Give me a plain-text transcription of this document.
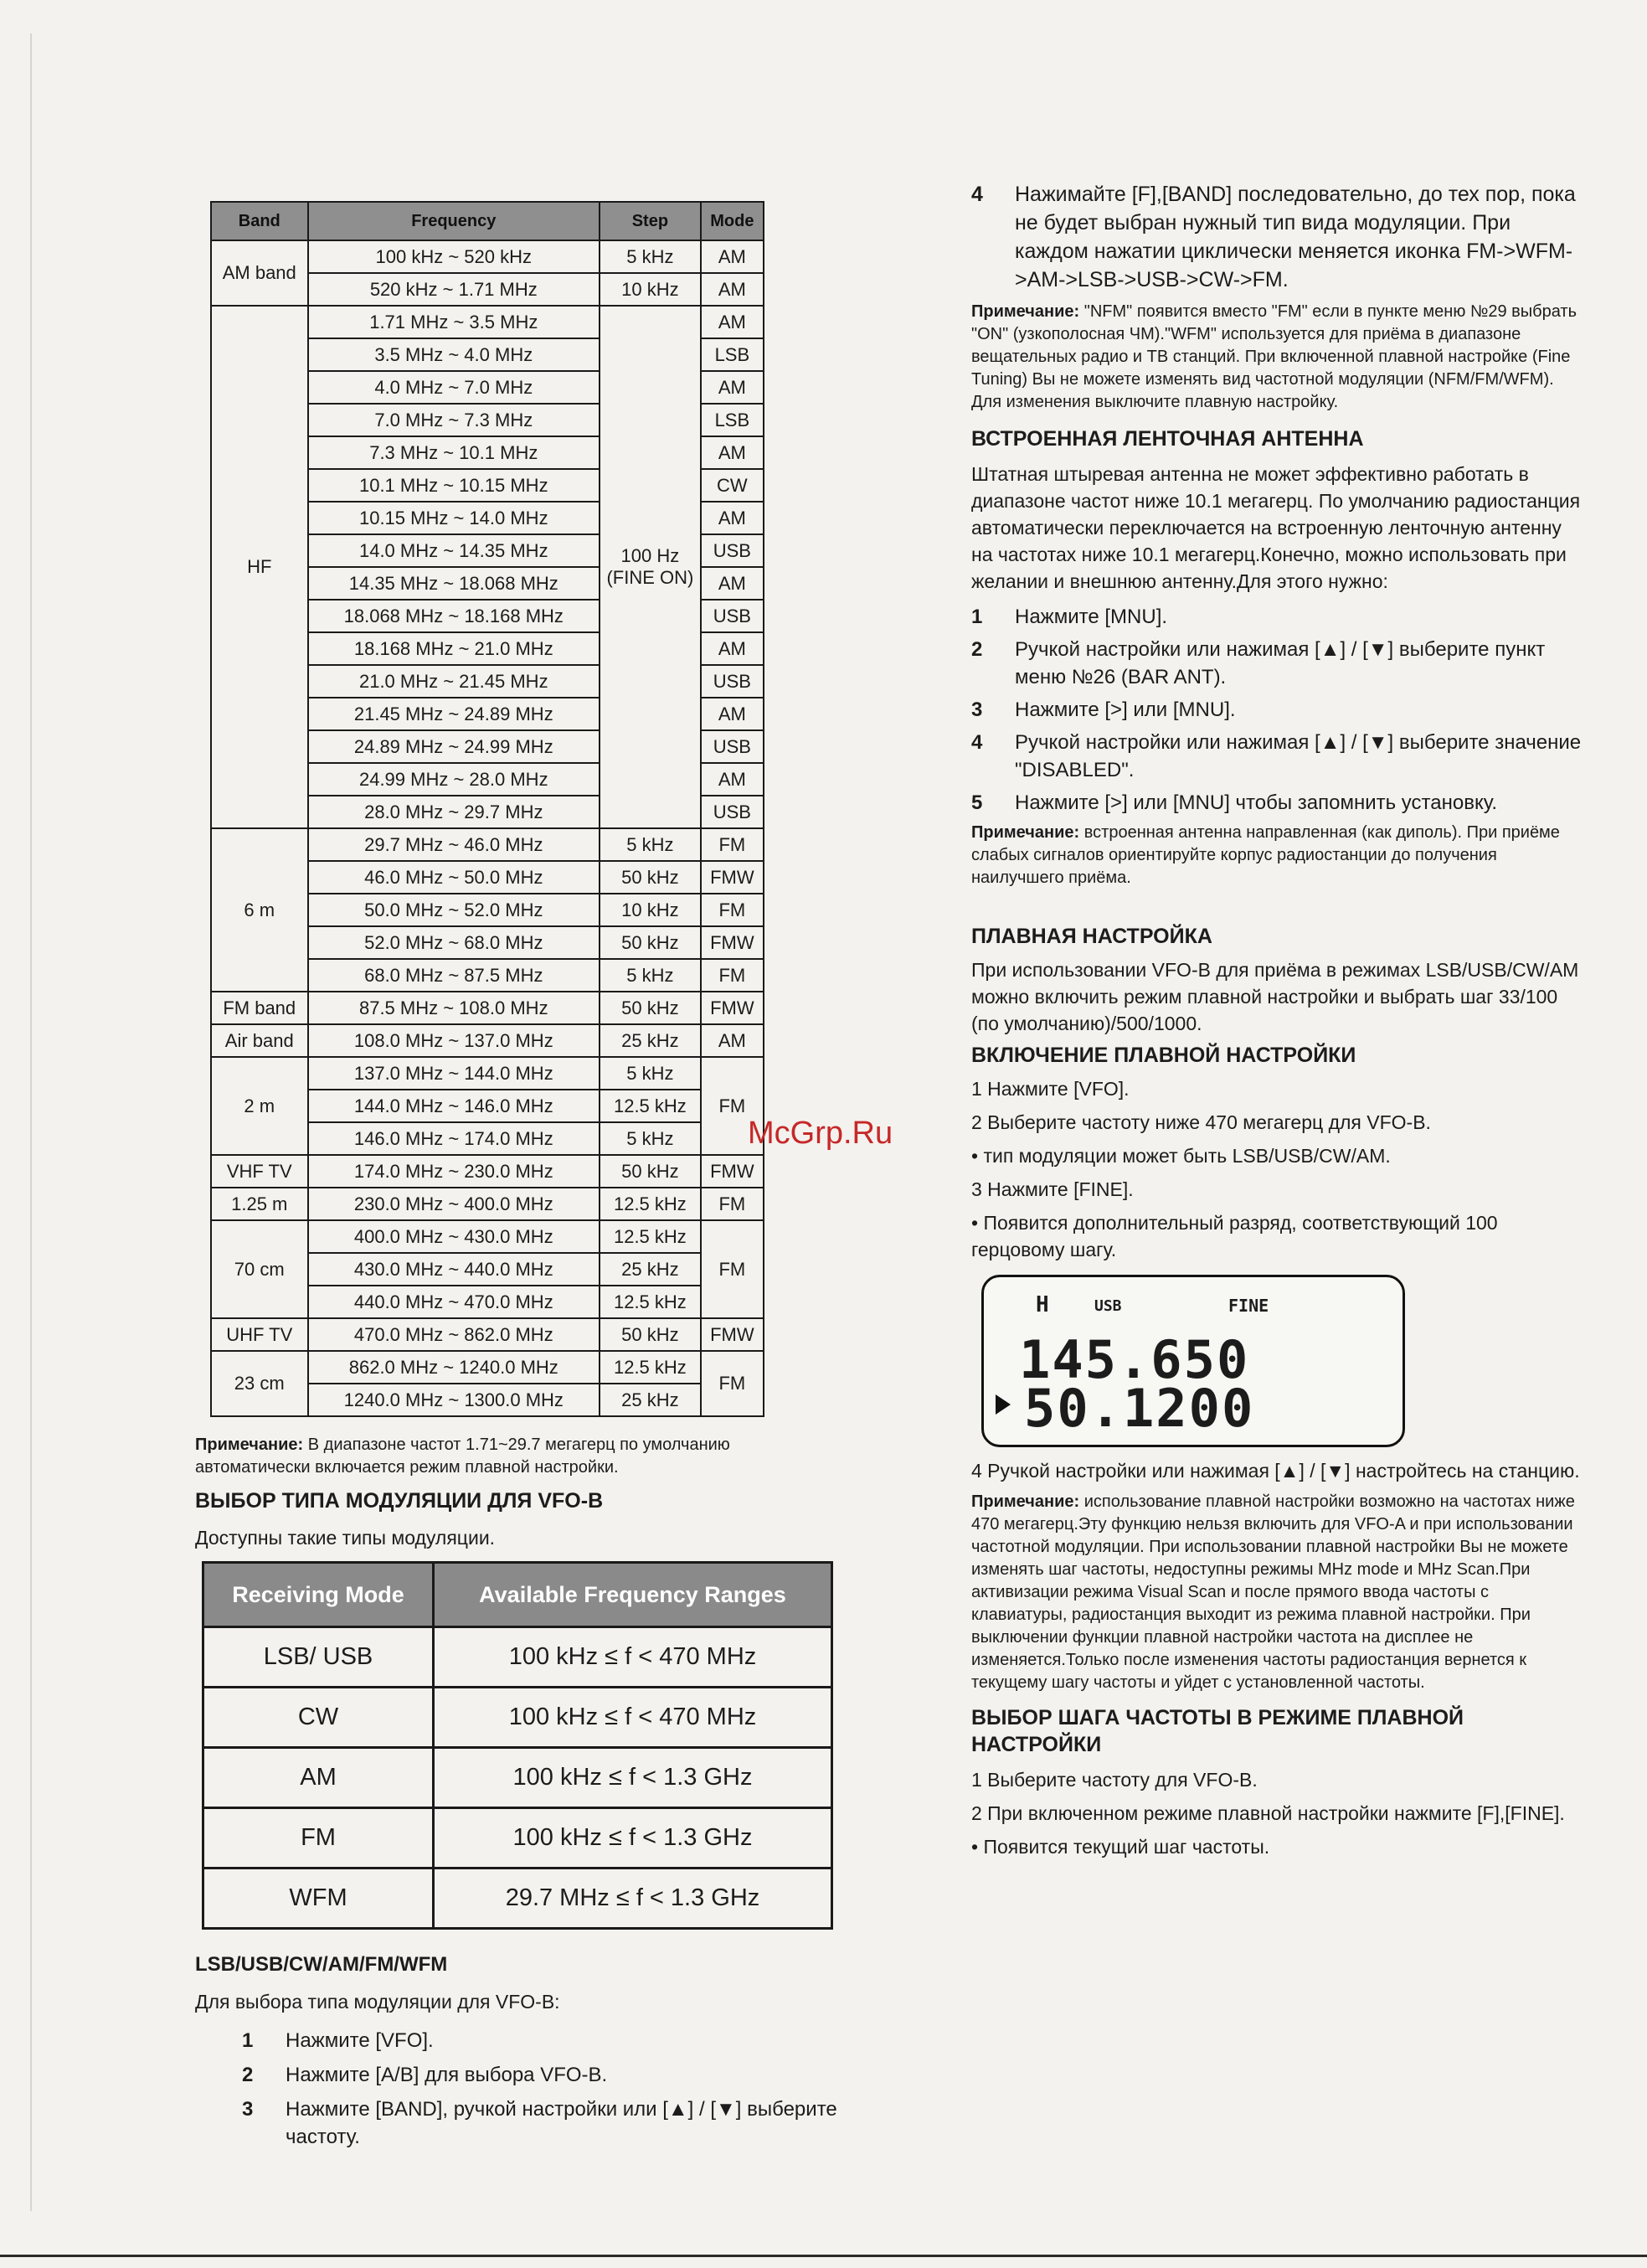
Band	Frequency	Step	Mode
AM band	100 kHz ~ 520 kHz	5 kHz	AM
	520 kHz ~ 1.71 MHz	10 kHz	AM
HF	1.71 MHz ~ 3.5 MHz	100 Hz (FINE ON)	AM
	3.5 MHz ~ 4.0 MHz		LSB
	4.0 MHz ~ 7.0 MHz		AM
	7.0 MHz ~ 7.3 MHz		LSB
	7.3 MHz ~ 10.1 MHz		AM
	10.1 MHz ~ 10.15 MHz		CW
	10.15 MHz ~ 14.0 MHz		AM
	14.0 MHz ~ 14.35 MHz		USB
	14.35 MHz ~ 18.068 MHz		AM
	18.068 MHz ~ 18.168 MHz		USB
	18.168 MHz ~ 21.0 MHz		AM
	21.0 MHz ~ 21.45 MHz		USB
	21.45 MHz ~ 24.89 MHz		AM
	24.89 MHz ~ 24.99 MHz		USB
	24.99 MHz ~ 28.0 MHz		AM
	28.0 MHz ~ 29.7 MHz		USB
6 m	29.7 MHz ~ 46.0 MHz	5 kHz	FM
	46.0 MHz ~ 50.0 MHz	50 kHz	FMW
	50.0 MHz ~ 52.0 MHz	10 kHz	FM
	52.0 MHz ~ 68.0 MHz	50 kHz	FMW
	68.0 MHz ~ 87.5 MHz	5 kHz	FM
FM band	87.5 MHz ~ 108.0 MHz	50 kHz	FMW
Air band	108.0 MHz ~ 137.0 MHz	25 kHz	AM
2 m	137.0 MHz ~ 144.0 MHz	5 kHz	FM
	144.0 MHz ~ 146.0 MHz	12.5 kHz	
	146.0 MHz ~ 174.0 MHz	5 kHz	
VHF TV	174.0 MHz ~ 230.0 MHz	50 kHz	FMW
1.25 m	230.0 MHz ~ 400.0 MHz	12.5 kHz	FM
70 cm	400.0 MHz ~ 430.0 MHz	12.5 kHz	FM
	430.0 MHz ~ 440.0 MHz	25 kHz	
	440.0 MHz ~ 470.0 MHz	12.5 kHz	
UHF TV	470.0 MHz ~ 862.0 MHz	50 kHz	FMW
23 cm	862.0 MHz ~ 1240.0 MHz	12.5 kHz	FM
	1240.0 MHz ~ 1300.0 MHz	25 kHz	

Примечание: В диапазоне частот 1.71~29.7 мегагерц по умолчанию автоматически включается режим плавной настройки.

ВЫБОР ТИПА МОДУЛЯЦИИ ДЛЯ VFO-B

Доступны такие типы модуляции.

Receiving Mode	Available Frequency Ranges
LSB/ USB	100 kHz ≤ f < 470 MHz
CW	100 kHz ≤ f < 470 MHz
AM	100 kHz ≤ f < 1.3 GHz
FM	100 kHz ≤ f < 1.3 GHz
WFM	29.7 MHz ≤ f < 1.3 GHz
LSB/USB/CW/AM/FM/WFM

Для выбора типа модуляции для VFO-B:

1	Нажмите [VFO].
2	Нажмите [A/B] для выбора VFO-B.
3	Нажмите [BAND], ручкой настройки или [▲] / [▼] выберите частоту.
4	Нажимайте [F],[BAND] последовательно, до тех пор, пока не будет выбран нужный тип вида модуляции. При каждом нажатии циклически меняется иконка FM->WFM->AM->LSB->USB->CW->FM.

Примечание: "NFM" появится вместо "FM" если в пункте меню №29 выбрать "ON" (узкополосная ЧМ)."WFM" используется для приёма в диапазоне вещательных радио и ТВ станций. При включенной плавной настройке (Fine Tuning) Вы не можете изменять вид частотной модуляции (NFM/FM/WFM). Для изменения выключите плавную настройку.

ВСТРОЕННАЯ ЛЕНТОЧНАЯ АНТЕННА

Штатная штыревая антенна не может эффективно работать в диапазоне частот ниже 10.1 мегагерц. По умолчанию радиостанция автоматически переключается на встроенную ленточную антенну на частотах ниже 10.1 мегагерц.Конечно, можно использовать при желании и внешнюю антенну.Для этого нужно:

1	Нажмите [MNU].
2	Ручкой настройки или нажимая [▲] / [▼] выберите пункт меню №26 (BAR ANT).
3	Нажмите [>] или [MNU].
4	Ручкой настройки или нажимая [▲] / [▼] выберите значение "DISABLED".
5	Нажмите [>] или [MNU] чтобы запомнить установку.

Примечание: встроенная антенна направленная (как диполь). При приёме слабых сигналов ориентируйте корпус радиостанции до получения наилучшего приёма.

ПЛАВНАЯ НАСТРОЙКА

При использовании VFO-B для приёма в режимах LSB/USB/CW/AM можно включить режим плавной настройки и выбрать шаг 33/100 (по умолчанию)/500/1000.

ВКЛЮЧЕНИЕ ПЛАВНОЙ НАСТРОЙКИ

1 Нажмите [VFO].

2 Выберите частоту ниже 470 мегагерц для VFO-B.

• тип модуляции может быть LSB/USB/CW/AM.

3 Нажмите [FINE].

• Появится дополнительный разряд, соответствующий 100 герцовому шагу.

H	USB	FINE
145.650
50.1200

4 Ручкой настройки или нажимая [▲] / [▼] настройтесь на станцию.

Примечание: использование плавной настройки возможно на частотах ниже 470 мегагерц.Эту функцию нельзя включить для VFO-A и при использовании частотной модуляции. При использовании плавной настройки Вы не можете изменять шаг частоты, недоступны режимы MHz mode и MHz Scan.При активизации режима Visual Scan и после прямого ввода частоты с клавиатуры, радиостанция выходит из режима плавной настройки. При выключении функции плавной настройки частота на дисплее не изменяется.Только после изменения частоты радиостанция вернется к текущему шагу частоты и уйдет с установленной частоты.

ВЫБОР ШАГА ЧАСТОТЫ В РЕЖИМЕ ПЛАВНОЙ НАСТРОЙКИ

1 Выберите частоту для VFO-B.

2 При включенном режиме плавной настройки нажмите [F],[FINE].

• Появится текущий шаг частоты.

McGrp.Ru
